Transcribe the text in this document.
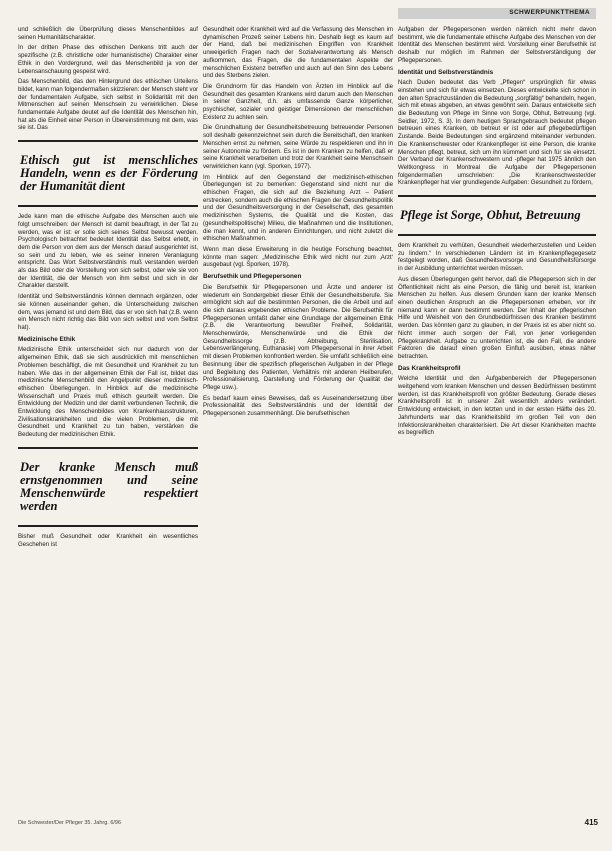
SCHWERPUNKTTHEMA

und schließlich die Überprüfung dieses Menschenbildes auf seinen Humanitätscharakter.

In der dritten Phase des ethischen Denkens tritt auch der spezifische (z.B. christliche oder humanistische) Charakter einer Ethik in den Vordergrund, weil das Menschenbild ja von der Lebensanschauung gespeist wird.

Das Menschenbild, das den Hintergrund des ethischen Urteilens bildet, kann man folgendermaßen skizzieren: der Mensch steht vor der fundamentalen Aufgabe, sich selbst in Solidarität mit den Mitmenschen auf seinen Menschsein zu verwirklichen. Diese fundamentale Aufgabe deutet auf die Identität des Menschen hin, hat als die Einheit einer Person in Übereinstimmung mit dem, was sie ist. Das

Ethisch gut ist menschliches Handeln, wenn es der Förderung der Humanität dient

Jede kann man die ethische Aufgabe des Menschen auch wie folgt umschreiben: der Mensch ist damit beauftragt, in der Tat zu werden, was er ist: er solle sich seines Selbst bewusst werden. Psychologisch betrachtet bedeutet Identität das Selbst erlebt, in dem die Person von dem aus der Mensch darauf ausgerichtet ist, so sein und zu leben, wie es seiner inneren Veranlagung entspricht. Das Wort Selbstverständnis muß verstanden werden als das Bild oder die Vorstellung von sich selbst, oder wie sie von der Identität, die der Mensch von ihm selbst und sich in der Charakter darstellt.

Identität und Selbstverständnis können demnach ergänzen, oder sie können auseinander gehen, die Unterscheidung zwischen dem, was jemand ist und dem Bild, das er von sich hat (z.B. wenn ein Mensch nicht richtig das Bild von sich selbst und vom Selbst hat).

Medizinische Ethik

Medizinische Ethik unterscheidet sich nur dadurch von der allgemeinen Ethik, daß sie sich ausdrücklich mit menschlichen Problemen beschäftigt, die mit Gesundheit und Krankheit zu tun haben. Wie das in der allgemeinen Ethik der Fall ist, bildet das medizinische Menschenbild den Angelpunkt dieser medizinisch-ethischen Überlegungen. In Hinblick auf die medizinische Wissenschaft und Praxis muß ethisch geurteilt werden. Die Entwicklung der Medizin und der damit verbundenen Technik, die Entwicklung des Menschenbildes von Krankenhausstrukturen, Zivilisationskrankheiten und die vielen Problemen, die mit Gesundheit und Krankheit zu tun haben, verstärken die Bedeutung der medizinischen Ethik.

Der kranke Mensch muß ernstgenommen und seine Menschenwürde respektiert werden

Bisher muß Gesundheit oder Krankheit ein wesentliches Geschehen ist

Gesundheit oder Krankheit wird auf die Verfassung des Menschen im dynamischen Prozeß seiner Lebens hin. Deshalb liegt es kaum auf der Hand, daß bei medizinischen Eingriffen von Krankheit unweigerlich Fragen nach der Sozialverantwortung als Mensch aufkommen, das Fragen, die die fundamentalen Aspekte der menschlichen Existenz betreffen und auch auf den Sinn des Lebens und des Sterbens zielen.

Die Grundnorm für das Handeln von Ärzten im Hinblick auf die Gesundheit des gesamten Krankens wird darum auch den Menschen in seiner Ganzheit, d.h. als umfassende Ganze körperlicher, psychischer, sozialer und geistiger Dimensionen der menschlichen Existenz zu achten sein.

Die Grundhaltung der Gesundheitsbetreuung betreuender Personen soll deshalb gekennzeichnet sein durch die Bereitschaft, den kranken Menschen ernst zu nehmen, seine Würde zu respektieren und ihn in seiner Autonomie zu fördern. Es ist in dem Kranken zu helfen, daß er seine Krankheit verarbeiten und trotz der Krankheit seine Menschsein verwirklichen kann (vgl. Sporken, 1977).

Im Hinblick auf den Gegenstand der medizinisch-ethischen Überlegungen ist zu bemerken: Gegenstand sind nicht nur die ethischen Fragen, die sich auf die Beziehung Arzt – Patient erstrecken, sondern auch die ethischen Fragen der Gesundheitspolitik und der Gesundheitsversorgung in der Gesellschaft, des gesamten medizinischen Systems, die Qualität und die Kosten, das (gesundheitspolitische) Milieu, die Maßnahmen und die Institutionen, die man kennt, und in anderen Einrichtungen, und nicht zuletzt die ethischen Maßnahmen.

Wenn man diese Erweiterung in die heutige Forschung beachtet, könnte man sagen: „Medizinische Ethik wird nicht nur zum ‚Arzt‘ ausgebaut (vgl. Sporken, 1978).

Berufsethik und Pflegepersonen

Die Berufsethik für Pflegepersonen und Ärzte und anderer ist wiederum ein Sondergebiet dieser Ethik der Gesundheitsberufe. Sie ermöglicht sich auf die bestimmten Personen, die die Arbeit und auf die sich daraus ergebenden ethischen Probleme. Die Berufsethik für Pflegepersonen umfaßt daher eine Grundlage der allgemeinen Ethik (z.B. die Verantwortung bewußter Freiheit, Solidarität, Menschenwürde, Menschenwürde und die Ethik der Gesundheitssorge (z.B. Abtreibung, Sterilisation, Lebensverlängerung, Euthanasie) vom Pflegepersonal in ihrer Arbeit mit diesen Problemen konfrontiert werden. Sie umfaßt schließlich eine Besinnung über die spezifisch pflegerischen Aufgaben in der Pflege und Begleitung des Patienten, Verhältnis mit anderen Heilberufen, Professionalisierung, Darstellung und Förderung der Qualität der Pflege usw.).

Es bedarf kaum eines Beweises, daß es Auseinandersetzung über Professionalität des Selbstverständnis und der Identität der Pflegepersonen zusammenhängt. Die berufsethischen

Aufgaben der Pflegepersonen werden nämlich nicht mehr davon bestimmt, wie die fundamentale ethische Aufgabe des Menschen von der Identität des Menschen bestimmt wird. Vorstellung einer Berufsethik ist deshalb nur möglich im Rahmen der Selbstverständigung der Pflegepersonen.

Identität und Selbstverständnis

Nach Duden bedeutet das Verb „Pflegen“ ursprünglich für etwas einstehen und sich für etwas einsetzen. Dieses entwickelte sich schon in den alten Sprachzuständen die Bedeutung „sorgfältig“ behandeln, hegen, sich mit etwas abgeben, an etwas gewöhnt sein. Daraus entwickelte sich die Bedeutung von Pflege im Sinne von Sorge, Obhut, Betreuung (vgl. Seidler, 1972, S. 3). In dem heutigen Sprachgebrauch bedeutet pflegen betreuen eines Kranken, ob betreut er ist oder auf pflegebedürftigen Zustande. Beide Bedeutungen sind ergänzend miteinander verbunden. Die Krankenschwester oder Krankenpfleger ist eine Person, die kranke Menschen pflegt, betreut, sich um ihn kümmert und sich für sie einsetzt. Der Verband der Krankenschwestern und -pfleger hat 1975 ähnlich den Weltkongress in Montreal die Aufgabe der Pflegepersonen folgendermaßen umschrieben: „Die Krankenschwester/der Krankenpfleger hat vier grundlegende Aufgaben: Gesundheit zu fördern,

Pflege ist Sorge, Obhut, Betreuung

dem Krankheit zu verhüten, Gesundheit wiederherzustellen und Leiden zu lindern.“ In verschiedenen Ländern ist im Krankenpflegegesetz festgelegt worden, daß Gesundheitsvorsorge und Gesundheitsfürsorge in der Ausbildung unterrichtet werden müssen.

Aus diesen Überlegungen geht hervor, daß die Pflegeperson sich in der Öffentlichkeit nicht als eine Person, die fähig und bereit ist, kranken Menschen zu helfen. Aus diesem Grunden kann der kranke Mensch einen deutlichen Anspruch an die Pflegepersonen erheben, vor ihr niemand kann er dann bestimmt werden. Der Inhalt der pflegerischen Hilfe und Weisheit von den Grundbedürfnissen des Kranken bestimmt werden. Das könnten ganz zu glauben, in der Praxis ist es aber nicht so. Nicht immer auch sorgen der Fall, von jener vorliegenden Pflegekrankheit. Aufgabe zu unterrichten ist, die den Fall, die andere Faktoren die darauf einen großen Einfluß ausüben, etwas näher betrachten.

Das Krankheitsprofil

Welche Identität und den Aufgabenbereich der Pflegepersonen weitgehend vom kranken Menschen und dessen Bedürfnissen bestimmt werden, ist das Krankheitsprofil von größter Bedeutung. Gerade dieses Krankheitsprofil ist in unserer Zeit wesentlich anders verändert. Entwicklung entwickelt, in den letzten und in der ersten Hälfte des 20. Jahrhunderts war das Krankheitsbild im großen Teil von den Infektionskrankheiten charakterisiert. Die Art dieser Krankheiten machte es begreiflich

Die Schwester/Der Pfleger 35. Jahrg. 6/96	415
